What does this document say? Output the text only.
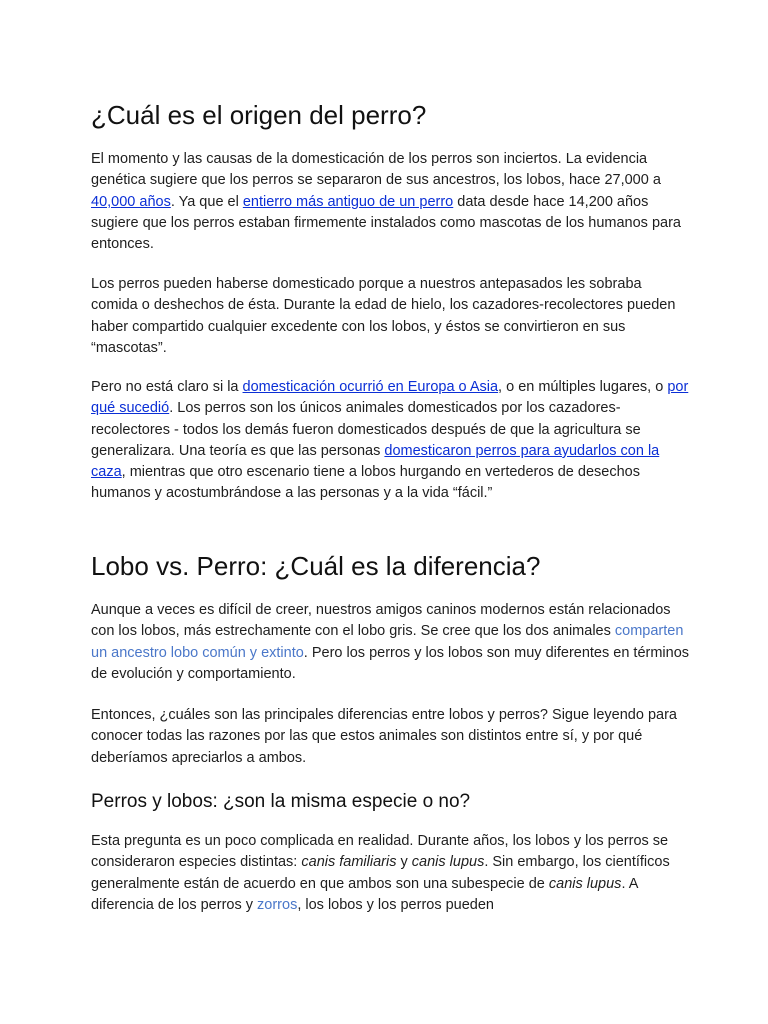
¿Cuál es el origen del perro?

El momento y las causas de la domesticación de los perros son inciertos. La evidencia genética sugiere que los perros se separaron de sus ancestros, los lobos, hace 27,000 a 40,000 años. Ya que el entierro más antiguo de un perro data desde hace 14,200 años sugiere que los perros estaban firmemente instalados como mascotas de los humanos para entonces.

Los perros pueden haberse domesticado porque a nuestros antepasados les sobraba comida o deshechos de ésta. Durante la edad de hielo, los cazadores-recolectores pueden haber compartido cualquier excedente con los lobos, y éstos se convirtieron en sus “mascotas”.

Pero no está claro si la domesticación ocurrió en Europa o Asia, o en múltiples lugares, o por qué sucedió. Los perros son los únicos animales domesticados por los cazadores-recolectores - todos los demás fueron domesticados después de que la agricultura se generalizara. Una teoría es que las personas domesticaron perros para ayudarlos con la caza, mientras que otro escenario tiene a lobos hurgando en vertederos de desechos humanos y acostumbrándose a las personas y a la vida “fácil.”

Lobo vs. Perro: ¿Cuál es la diferencia?

Aunque a veces es difícil de creer, nuestros amigos caninos modernos están relacionados con los lobos, más estrechamente con el lobo gris. Se cree que los dos animales comparten un ancestro lobo común y extinto. Pero los perros y los lobos son muy diferentes en términos de evolución y comportamiento.

Entonces, ¿cuáles son las principales diferencias entre lobos y perros? Sigue leyendo para conocer todas las razones por las que estos animales son distintos entre sí, y por qué deberíamos apreciarlos a ambos.

Perros y lobos: ¿son la misma especie o no?

Esta pregunta es un poco complicada en realidad. Durante años, los lobos y los perros se consideraron especies distintas: canis familiaris y canis lupus. Sin embargo, los científicos generalmente están de acuerdo en que ambos son una subespecie de canis lupus. A diferencia de los perros y zorros, los lobos y los perros pueden
